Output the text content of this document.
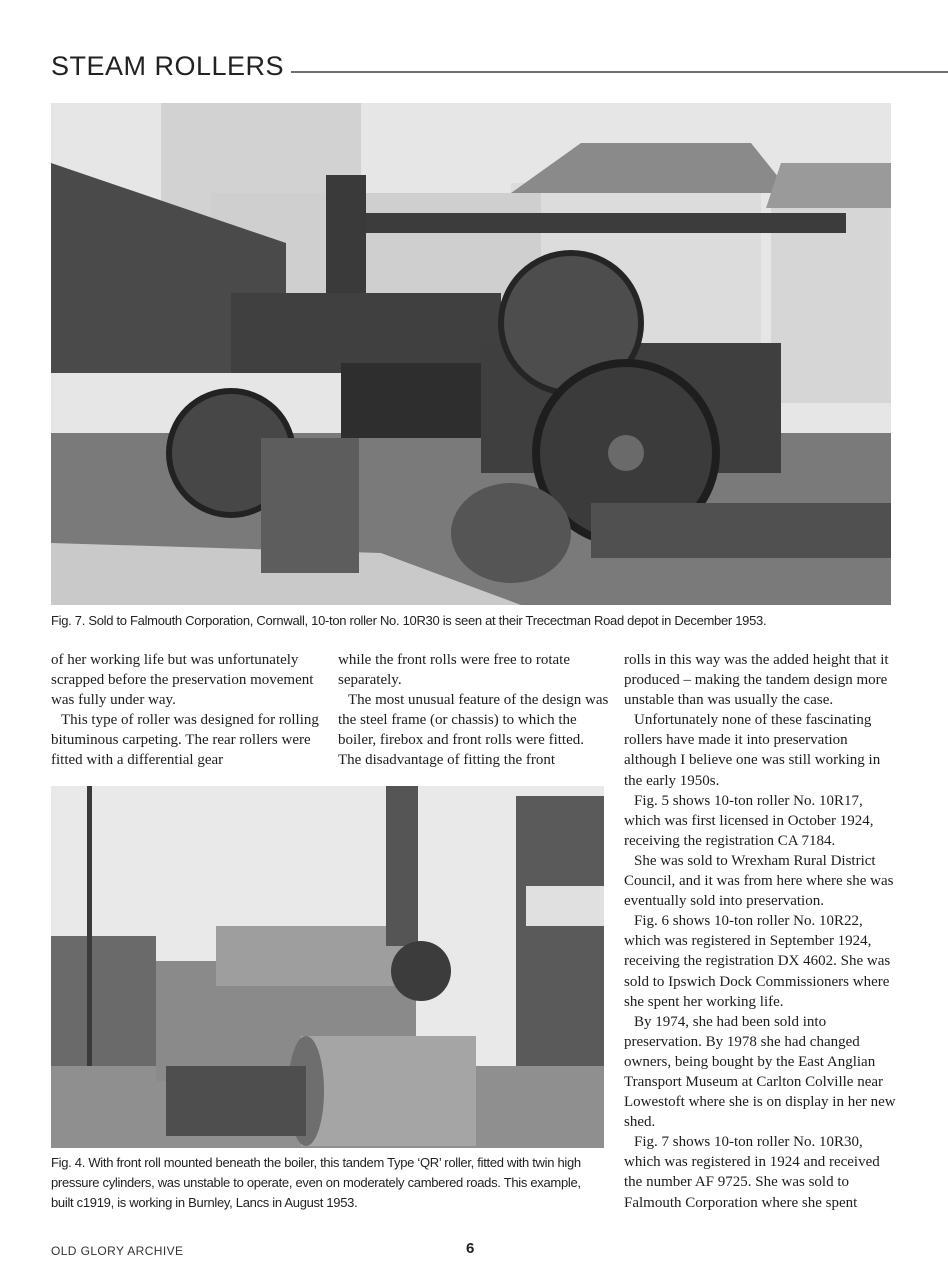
STEAM ROLLERS
Fig. 7. Sold to Falmouth Corporation, Cornwall, 10-ton roller No. 10R30 is seen at their Trecectman Road depot in December 1953.

of her working life but was unfortunately scrapped before the preservation movement was fully under way.

This type of roller was designed for rolling bituminous carpeting. The rear rollers were fitted with a differential gear

while the front rolls were free to rotate separately.

The most unusual feature of the design was the steel frame (or chassis) to which the boiler, firebox and front rolls were fitted. The disadvantage of fitting the front

rolls in this way was the added height that it produced – making the tandem design more unstable than was usually the case.

Unfortunately none of these fascinating rollers have made it into preservation although I believe one was still working in the early 1950s.

Fig. 5 shows 10-ton roller No. 10R17, which was first licensed in October 1924, receiving the registration CA 7184.

She was sold to Wrexham Rural District Council, and it was from here where she was eventually sold into preservation.

Fig. 6 shows 10-ton roller No. 10R22, which was registered in September 1924, receiving the registration DX 4602. She was sold to Ipswich Dock Commissioners where she spent her working life.

By 1974, she had been sold into preservation. By 1978 she had changed owners, being bought by the East Anglian Transport Museum at Carlton Colville near Lowestoft where she is on display in her new shed.

Fig. 7 shows 10-ton roller No. 10R30, which was registered in 1924 and received the number AF 9725. She was sold to Falmouth Corporation where she spent

Fig. 4. With front roll mounted beneath the boiler, this tandem Type ‘QR’ roller, fitted with twin high pressure cylinders, was unstable to operate, even on moderately cambered roads. This example, built c1919, is working in Burnley, Lancs in August 1953.
OLD GLORY ARCHIVE	6
